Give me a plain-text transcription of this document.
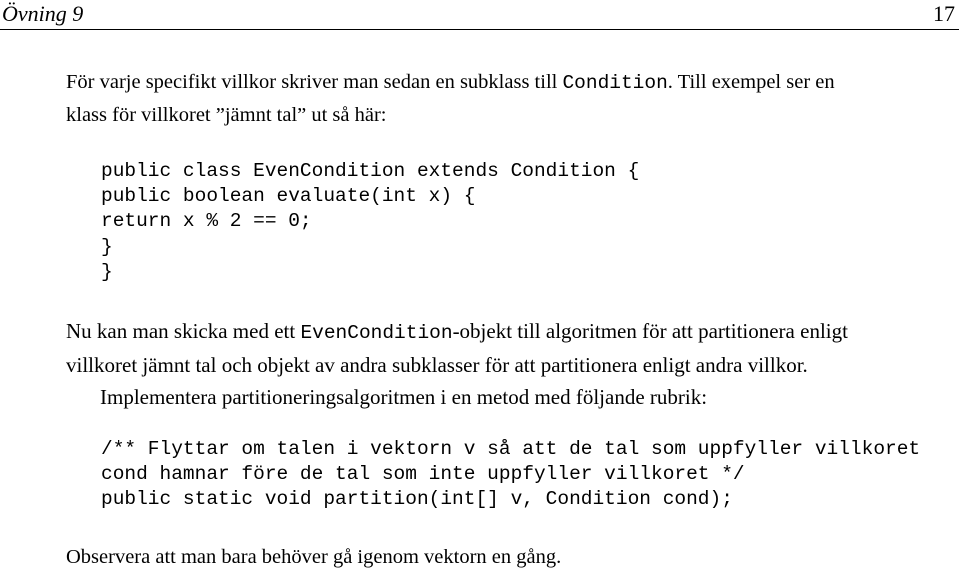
Övning 9	17

För varje specifikt villkor skriver man sedan en subklass till Condition. Till exempel ser en
klass för villkoret ”jämnt tal” ut så här:

public class EvenCondition extends Condition {
public boolean evaluate(int x) {
return x % 2 == 0;
}
}

Nu kan man skicka med ett EvenCondition-objekt till algoritmen för att partitionera enligt
villkoret jämnt tal och objekt av andra subklasser för att partitionera enligt andra villkor.
Implementera partitioneringsalgoritmen i en metod med följande rubrik:

/** Flyttar om talen i vektorn v så att de tal som uppfyller villkoret
cond hamnar före de tal som inte uppfyller villkoret */
public static void partition(int[] v, Condition cond);

Observera att man bara behöver gå igenom vektorn en gång.
